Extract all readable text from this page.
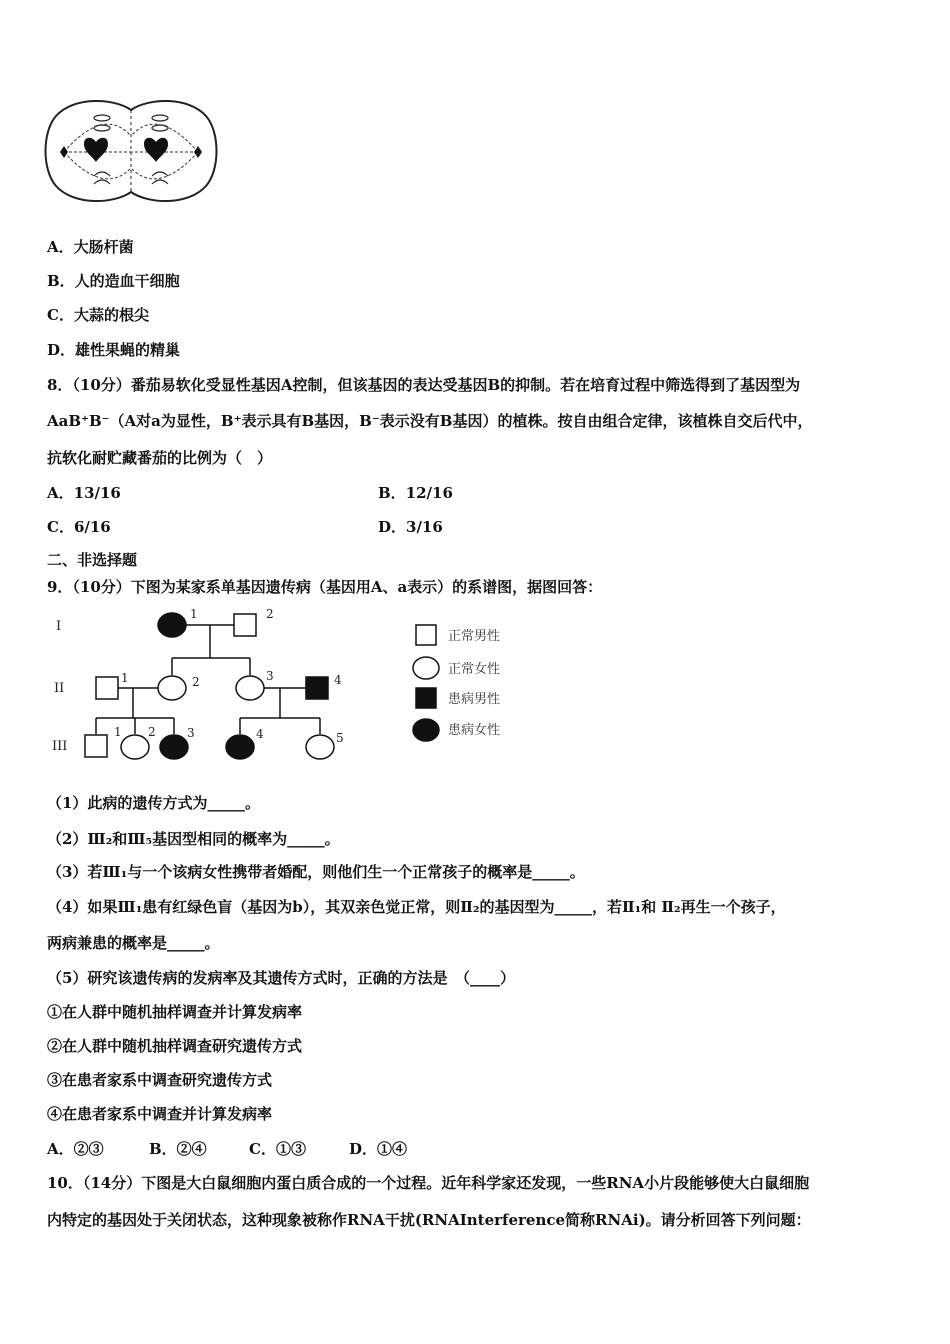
A．大肠杆菌
B．人的造血干细胞
C．大蒜的根尖
D．雄性果蝇的精巢
8．（10分）番茄易软化受显性基因A控制，但该基因的表达受基因B的抑制。若在培育过程中筛选得到了基因型为
AaB⁺B⁻（A对a为显性，B⁺表示具有B基因，B⁻表示没有B基因）的植株。按自由组合定律，该植株自交后代中，
抗软化耐贮藏番茄的比例为（　）
A．13/16	B．12/16
C．6/16	D．3/16
二、非选择题
9．（10分）下图为某家系单基因遗传病（基因用A、a表示）的系谱图，据图回答：
I
II
III
1	2
1	2	3	4
1 2	3	4	5
正常男性
正常女性
患病男性
患病女性
（1）此病的遗传方式为_____。
（2）Ⅲ₂和Ⅲ₅基因型相同的概率为_____。
（3）若Ⅲ₁与一个该病女性携带者婚配，则他们生一个正常孩子的概率是_____。
（4）如果Ⅲ₁患有红绿色盲（基因为b），其双亲色觉正常，则Ⅱ₂的基因型为_____，若Ⅱ₁和 Ⅱ₂再生一个孩子，
两病兼患的概率是_____。
（5）研究该遗传病的发病率及其遗传方式时，正确的方法是　（____）
①在人群中随机抽样调查并计算发病率
②在人群中随机抽样调查研究遗传方式
③在患者家系中调查研究遗传方式
④在患者家系中调查并计算发病率
A．②③	B．②④	C．①③	D．①④
10．（14分）下图是大白鼠细胞内蛋白质合成的一个过程。近年科学家还发现，一些RNA小片段能够使大白鼠细胞
内特定的基因处于关闭状态，这种现象被称作RNA干扰(RNAInterference简称RNAi)。请分析回答下列问题：
